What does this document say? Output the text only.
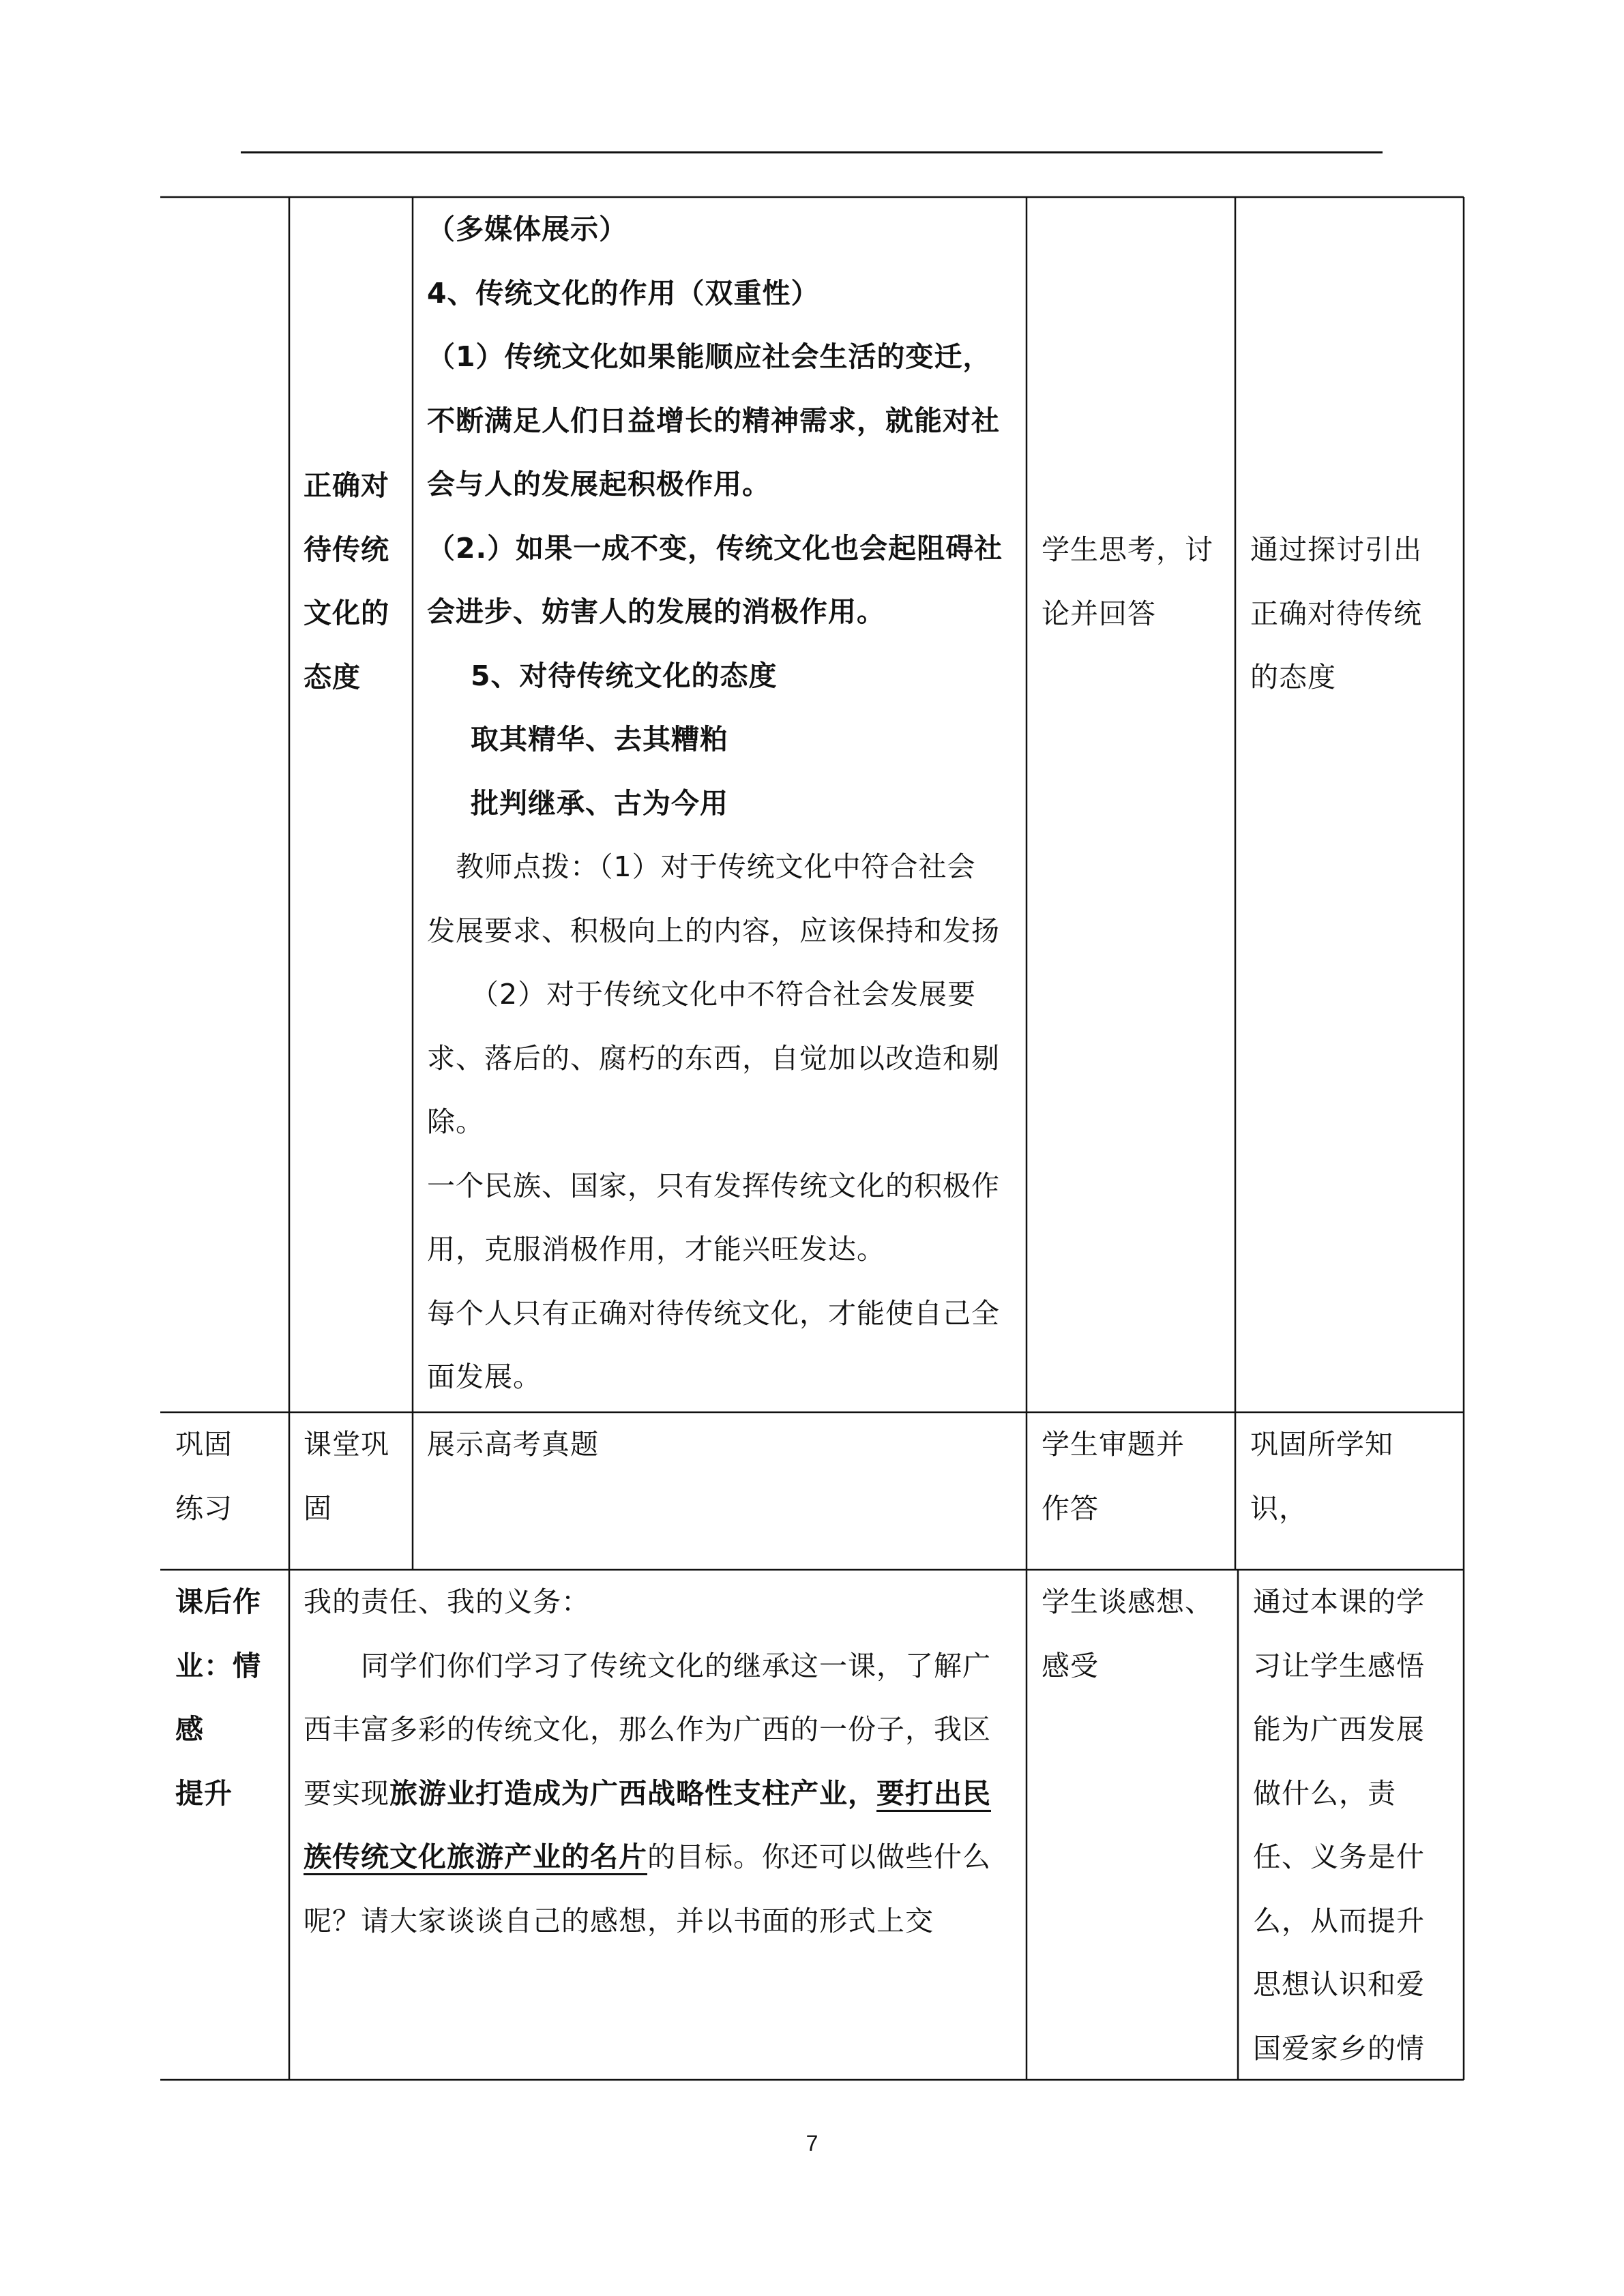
正确对

待传统

文化的

态度

（多媒体展示）

4、传统文化的作用（双重性）

（1）传统文化如果能顺应社会生活的变迁，

不断满足人们日益增长的精神需求，就能对社

会与人的发展起积极作用。

（2.）如果一成不变，传统文化也会起阻碍社

会进步、妨害人的发展的消极作用。

5、对待传统文化的态度

取其精华、去其糟粕

批判继承、古为今用

教师点拨：（1）对于传统文化中符合社会

发展要求、积极向上的内容，应该保持和发扬

（2）对于传统文化中不符合社会发展要

求、落后的、腐朽的东西，自觉加以改造和剔

除。

一个民族、国家，只有发挥传统文化的积极作

用，克服消极作用，才能兴旺发达。

每个人只有正确对待传统文化，才能使自己全

面发展。

学生思考，讨

论并回答

通过探讨引出

正确对待传统

的态度

巩固

练习

课堂巩

固

展示高考真题	学生审题并

作答

巩固所学知

识，

课后作

业：情

感

提升

我的责任、我的义务：

同学们你们学习了传统文化的继承这一课，了解广

西丰富多彩的传统文化，那么作为广西的一份子，我区

要实现旅游业打造成为广西战略性支柱产业，要打出民

族传统文化旅游产业的名片的目标。你还可以做些什么

呢？请大家谈谈自己的感想，并以书面的形式上交

学生谈感想、

感受

通过本课的学

习让学生感悟

能为广西发展

做什么，责

任、义务是什

么，从而提升

思想认识和爱

国爱家乡的情

7
